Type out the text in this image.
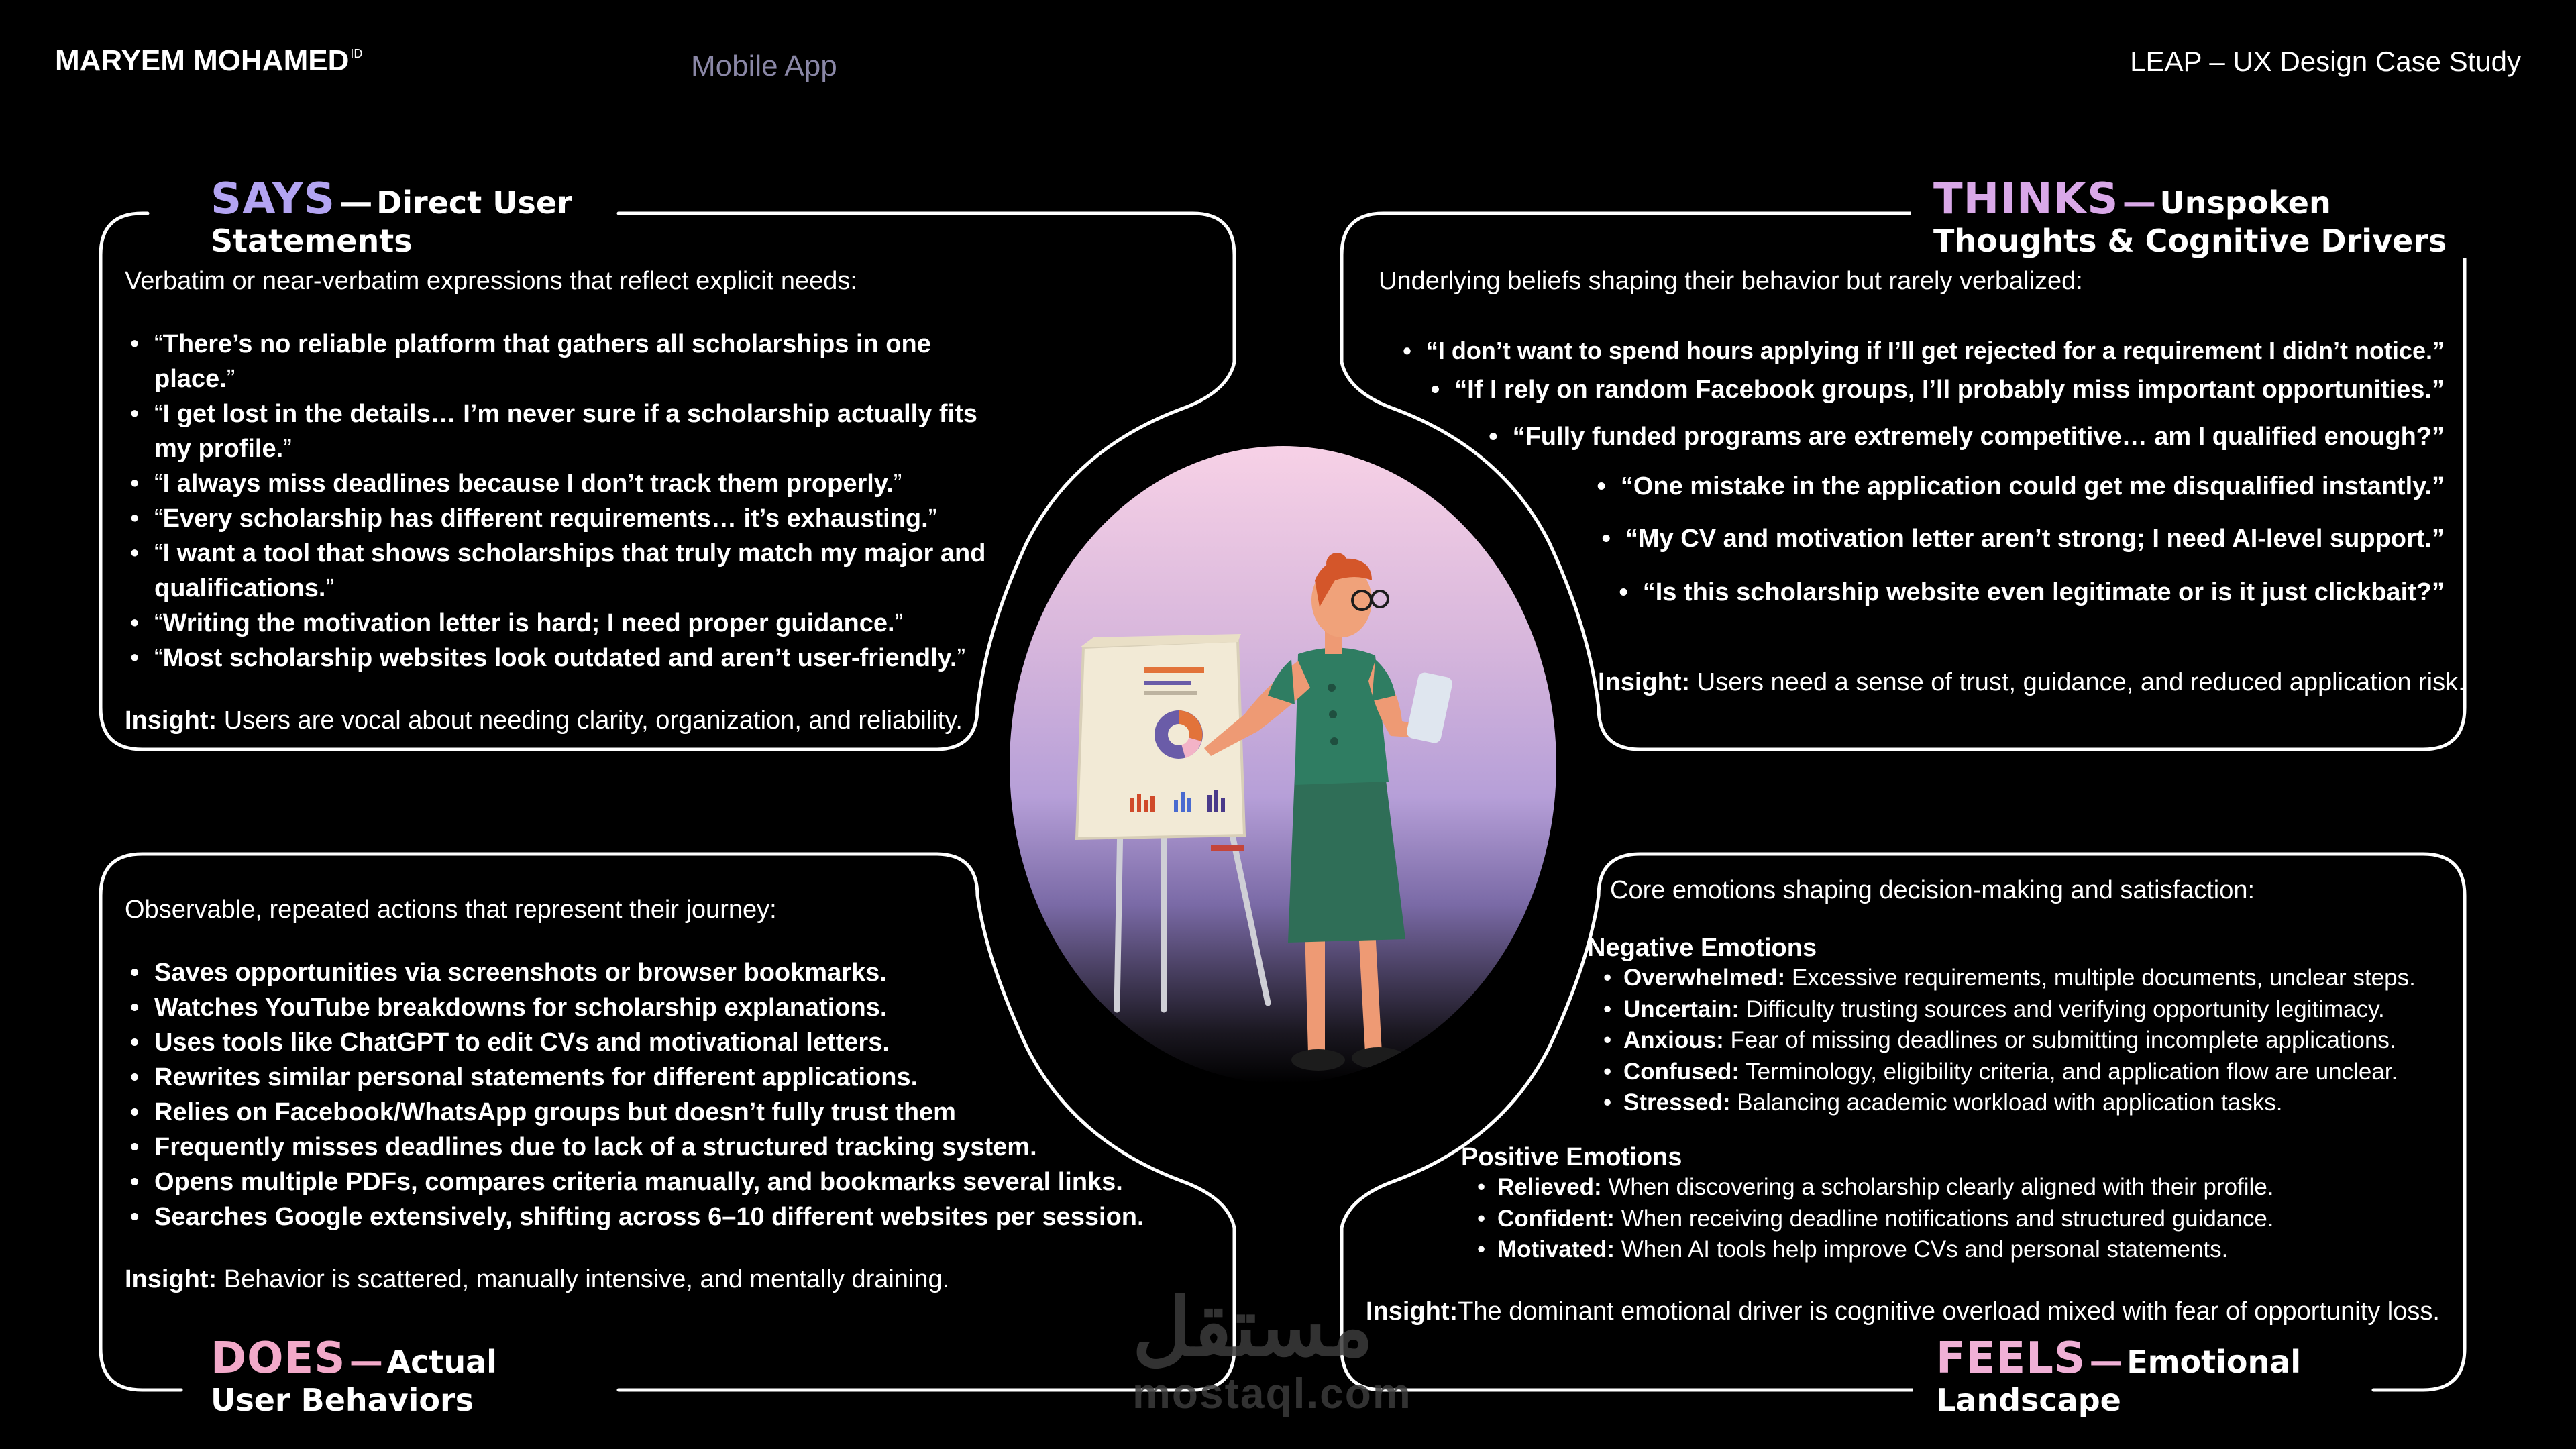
MARYEM MOHAMED $^{ID}$	Mobile App	LEAP – UX Design Case Study
SAYS — Direct User
Statements
Verbatim or near-verbatim expressions that reflect explicit needs:
• “There’s no reliable platform that gathers all scholarships in one place.”
• “I get lost in the details… I’m never sure if a scholarship actually fits my profile.”
• “I always miss deadlines because I don’t track them properly.”
• “Every scholarship has different requirements… it’s exhausting.”
• “I want a tool that shows scholarships that truly match my major and qualifications.”
• “Writing the motivation letter is hard; I need proper guidance.”
• “Most scholarship websites look outdated and aren’t user-friendly.”
Insight: Users are vocal about needing clarity, organization, and reliability.
THINKS — Unspoken
Thoughts & Cognitive Drivers
Underlying beliefs shaping their behavior but rarely verbalized:
• “I don’t want to spend hours applying if I’ll get rejected for a requirement I didn’t notice.”
• “If I rely on random Facebook groups, I’ll probably miss important opportunities.”
• “Fully funded programs are extremely competitive… am I qualified enough?”
• “One mistake in the application could get me disqualified instantly.”
• “My CV and motivation letter aren’t strong; I need AI-level support.”
• “Is this scholarship website even legitimate or is it just clickbait?”
Insight: Users need a sense of trust, guidance, and reduced application risk.
Observable, repeated actions that represent their journey:
• Saves opportunities via screenshots or browser bookmarks.
• Watches YouTube breakdowns for scholarship explanations.
• Uses tools like ChatGPT to edit CVs and motivational letters.
• Rewrites similar personal statements for different applications.
• Relies on Facebook/WhatsApp groups but doesn’t fully trust them
• Frequently misses deadlines due to lack of a structured tracking system.
• Opens multiple PDFs, compares criteria manually, and bookmarks several links.
• Searches Google extensively, shifting across 6–10 different websites per session.
Insight: Behavior is scattered, manually intensive, and mentally draining.
DOES — Actual
User Behaviors
Core emotions shaping decision-making and satisfaction:
Negative Emotions
• Overwhelmed: Excessive requirements, multiple documents, unclear steps.
• Uncertain: Difficulty trusting sources and verifying opportunity legitimacy.
• Anxious: Fear of missing deadlines or submitting incomplete applications.
• Confused: Terminology, eligibility criteria, and application flow are unclear.
• Stressed: Balancing academic workload with application tasks.
Positive Emotions
• Relieved: When discovering a scholarship clearly aligned with their profile.
• Confident: When receiving deadline notifications and structured guidance.
• Motivated: When AI tools help improve CVs and personal statements.
Insight:The dominant emotional driver is cognitive overload mixed with fear of opportunity loss.
FEELS — Emotional
Landscape
مستقل
mostaql.com
